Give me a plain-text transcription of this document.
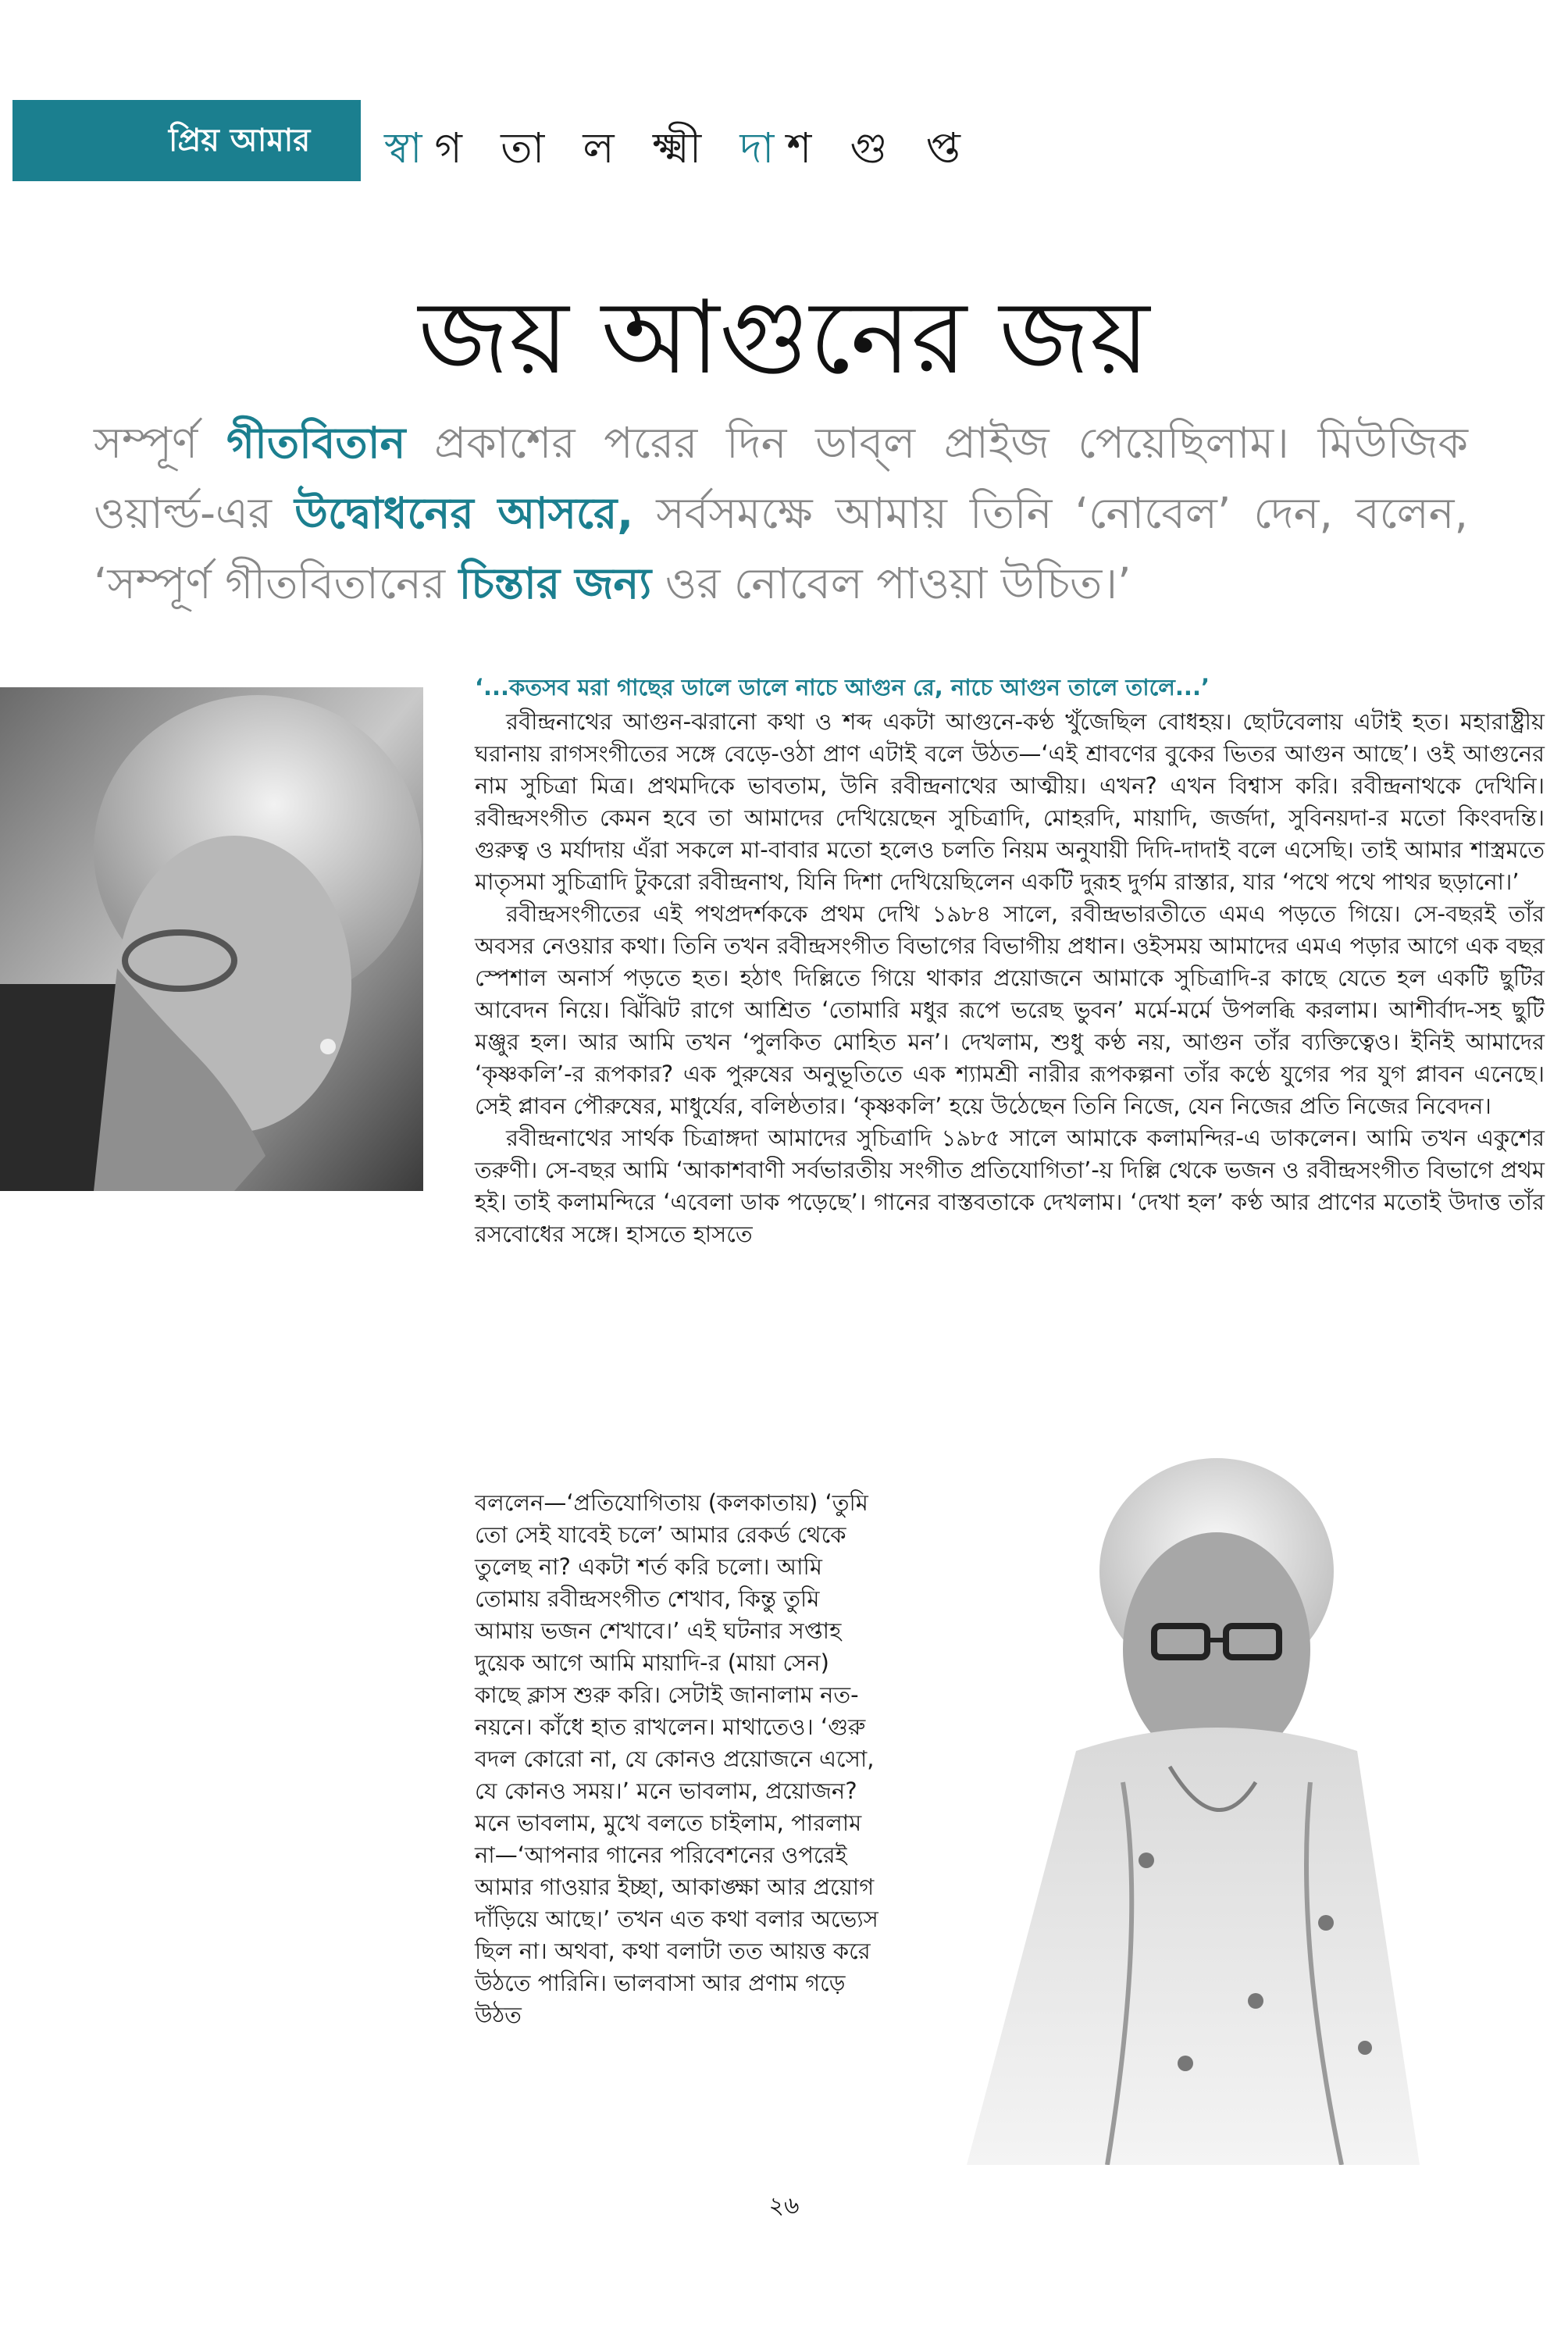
প্রিয় আমার	স্বাগ তা ল ক্ষ্মী দাশ গু প্ত
জয় আগুনের জয়
সম্পূর্ণ গীতবিতান প্রকাশের পরের দিন ডাব্‌ল প্রাইজ পেয়েছিলাম। মিউজিক ওয়ার্ল্ড-এর উদ্বোধনের আসরে, সর্বসমক্ষে আমায় তিনি ‘নোবেল’ দেন, বলেন, ‘সম্পূর্ণ গীতবিতানের চিন্তার জন্য ওর নোবেল পাওয়া উচিত।’
‘...কতসব মরা গাছের ডালে ডালে নাচে আগুন রে, নাচে আগুন তালে তালে...’

রবীন্দ্রনাথের আগুন-ঝরানো কথা ও শব্দ একটা আগুনে-কণ্ঠ খুঁজেছিল বোধহয়। ছোটবেলায় এটাই হত। মহারাষ্ট্রীয় ঘরানায় রাগসংগীতের সঙ্গে বেড়ে-ওঠা প্রাণ এটাই বলে উঠত—‘এই শ্রাবণের বুকের ভিতর আগুন আছে’। ওই আগুনের নাম সুচিত্রা মিত্র। প্রথমদিকে ভাবতাম, উনি রবীন্দ্রনাথের আত্মীয়। এখন? এখন বিশ্বাস করি। রবীন্দ্রনাথকে দেখিনি। রবীন্দ্রসংগীত কেমন হবে তা আমাদের দেখিয়েছেন সুচিত্রাদি, মোহরদি, মায়াদি, জর্জদা, সুবিনয়দা-র মতো কিংবদন্তি। গুরুত্ব ও মর্যাদায় এঁরা সকলে মা-বাবার মতো হলেও চলতি নিয়ম অনুযায়ী দিদি-দাদাই বলে এসেছি। তাই আমার শাস্ত্রমতে মাতৃসমা সুচিত্রাদি টুকরো রবীন্দ্রনাথ, যিনি দিশা দেখিয়েছিলেন একটি দুরূহ দুর্গম রাস্তার, যার ‘পথে পথে পাথর ছড়ানো।’

রবীন্দ্রসংগীতের এই পথপ্রদর্শককে প্রথম দেখি ১৯৮৪ সালে, রবীন্দ্রভারতীতে এমএ পড়তে গিয়ে। সে-বছরই তাঁর অবসর নেওয়ার কথা। তিনি তখন রবীন্দ্রসংগীত বিভাগের বিভাগীয় প্রধান। ওইসময় আমাদের এমএ পড়ার আগে এক বছর স্পেশাল অনার্স পড়তে হত। হঠাৎ দিল্লিতে গিয়ে থাকার প্রয়োজনে আমাকে সুচিত্রাদি-র কাছে যেতে হল একটি ছুটির আবেদন নিয়ে। ঝিঁঝিট রাগে আশ্রিত ‘তোমারি মধুর রূপে ভরেছ ভুবন’ মর্মে-মর্মে উপলব্ধি করলাম। আশীর্বাদ-সহ ছুটি মঞ্জুর হল। আর আমি তখন ‘পুলকিত মোহিত মন’। দেখলাম, শুধু কণ্ঠ নয়, আগুন তাঁর ব্যক্তিত্বেও। ইনিই আমাদের ‘কৃষ্ণকলি’-র রূপকার? এক পুরুষের অনুভূতিতে এক শ্যামশ্রী নারীর রূপকল্পনা তাঁর কণ্ঠে যুগের পর যুগ প্লাবন এনেছে। সেই প্লাবন পৌরুষের, মাধুর্যের, বলিষ্ঠতার। ‘কৃষ্ণকলি’ হয়ে উঠেছেন তিনি নিজে, যেন নিজের প্রতি নিজের নিবেদন।

রবীন্দ্রনাথের সার্থক চিত্রাঙ্গদা আমাদের সুচিত্রাদি ১৯৮৫ সালে আমাকে কলামন্দির-এ ডাকলেন। আমি তখন একুশের তরুণী। সে-বছর আমি ‘আকাশবাণী সর্বভারতীয় সংগীত প্রতিযোগিতা’-য় দিল্লি থেকে ভজন ও রবীন্দ্রসংগীত বিভাগে প্রথম হই। তাই কলামন্দিরে ‘এবেলা ডাক পড়েছে’। গানের বাস্তবতাকে দেখলাম। ‘দেখা হল’ কণ্ঠ আর প্রাণের মতোই উদাত্ত তাঁর রসবোধের সঙ্গে। হাসতে হাসতে

বললেন—‘প্রতিযোগিতায় (কলকাতায়) ‘তুমি তো সেই যাবেই চলে’ আমার রেকর্ড থেকে তুলেছ না? একটা শর্ত করি চলো। আমি তোমায় রবীন্দ্রসংগীত শেখাব, কিন্তু তুমি আমায় ভজন শেখাবে।’ এই ঘটনার সপ্তাহ দুয়েক আগে আমি মায়াদি-র (মায়া সেন) কাছে ক্লাস শুরু করি। সেটাই জানালাম নত-নয়নে। কাঁধে হাত রাখলেন। মাথাতেও। ‘গুরু বদল কোরো না, যে কোনও প্রয়োজনে এসো, যে কোনও সময়।’ মনে ভাবলাম, প্রয়োজন? মনে ভাবলাম, মুখে বলতে চাইলাম, পারলাম না—‘আপনার গানের পরিবেশনের ওপরেই আমার গাওয়ার ইচ্ছা, আকাঙ্ক্ষা আর প্রয়োগ দাঁড়িয়ে আছে।’ তখন এত কথা বলার অভ্যেস ছিল না। অথবা, কথা বলাটা তত আয়ত্ত করে উঠতে পারিনি। ভালবাসা আর প্রণাম গড়ে উঠত

২৬
